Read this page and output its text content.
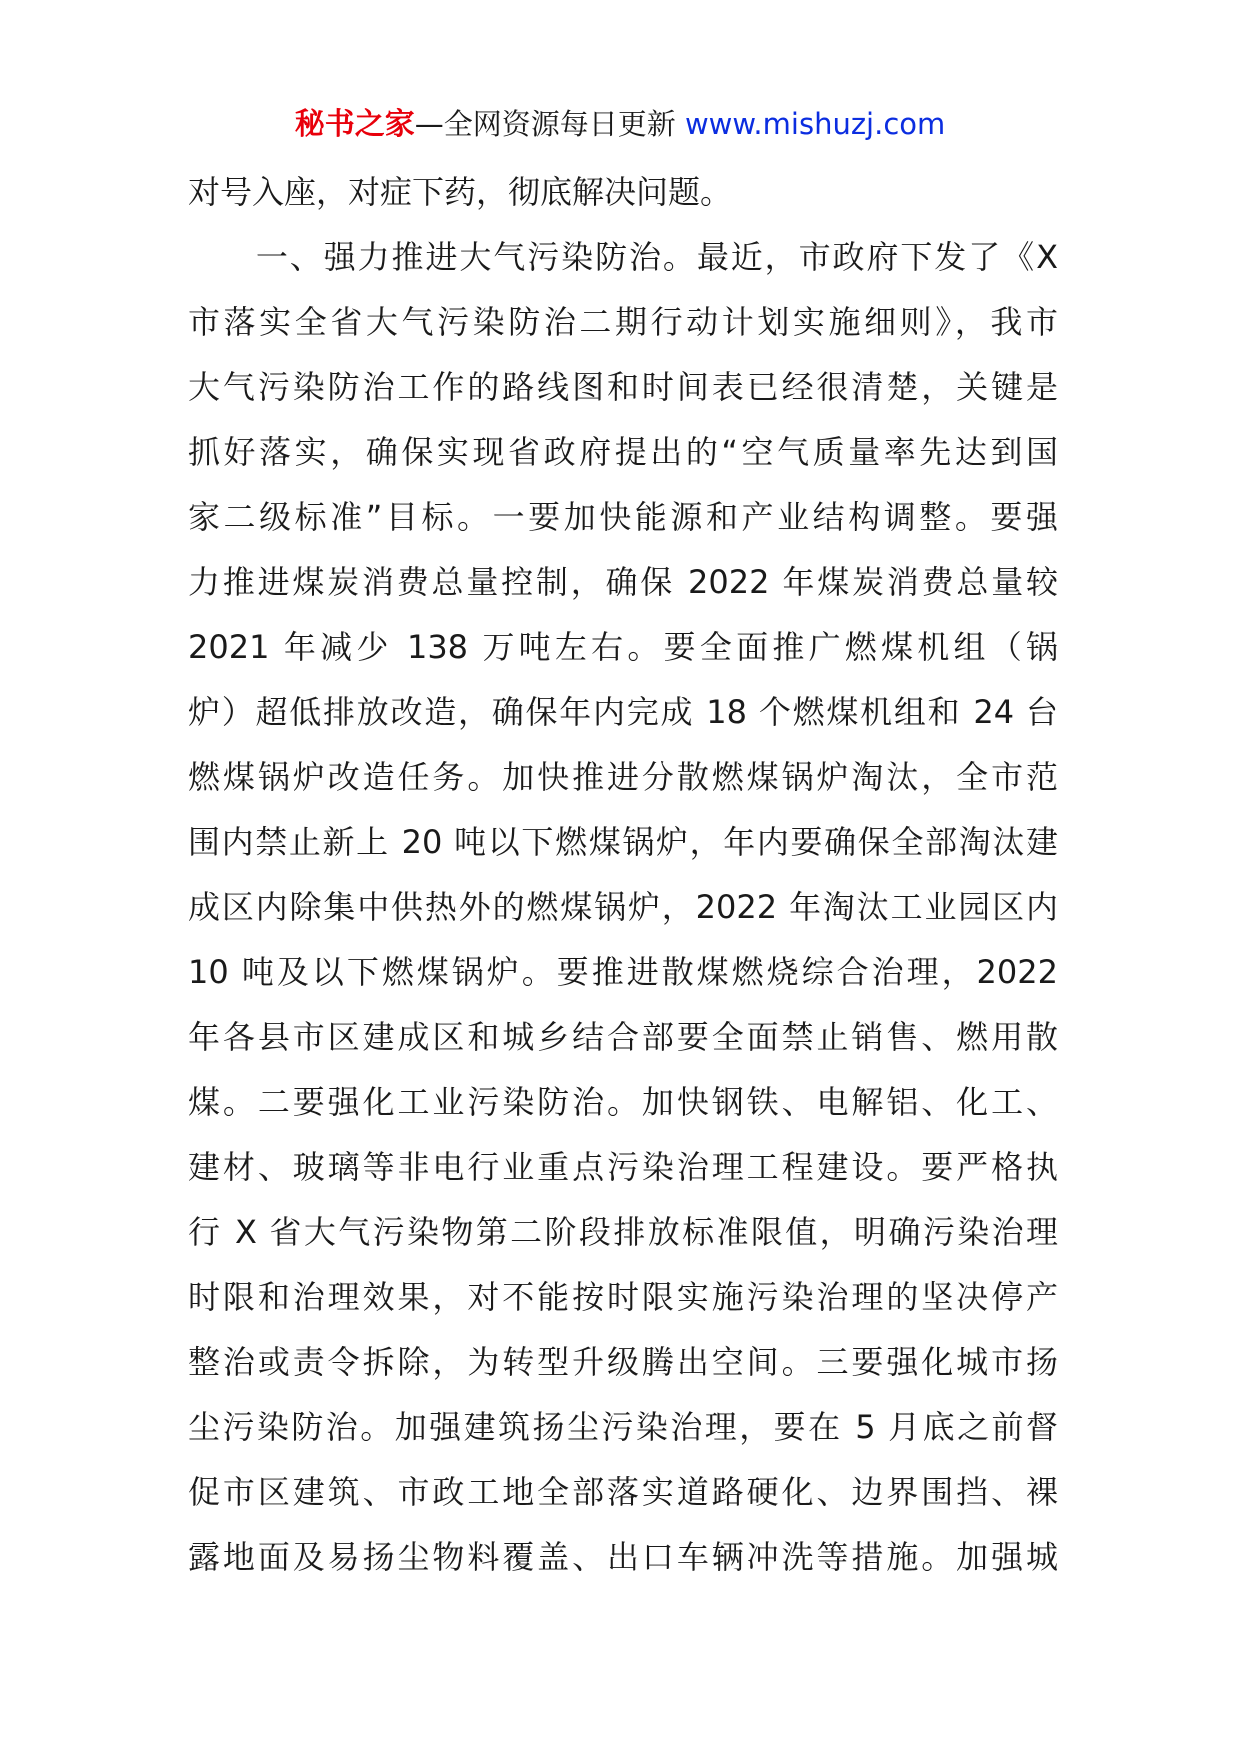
秘书之家—全网资源每日更新 www.mishuzj.com
对号入座，对症下药，彻底解决问题。
　　一、强力推进大气污染防治。最近，市政府下发了《X
市落实全省大气污染防治二期行动计划实施细则》，我市
大气污染防治工作的路线图和时间表已经很清楚，关键是
抓好落实，确保实现省政府提出的“空气质量率先达到国
家二级标准”目标。一要加快能源和产业结构调整。要强
力推进煤炭消费总量控制，确保 2022 年煤炭消费总量较
2021 年减少 138 万吨左右。要全面推广燃煤机组（锅
炉）超低排放改造，确保年内完成 18 个燃煤机组和 24 台
燃煤锅炉改造任务。加快推进分散燃煤锅炉淘汰，全市范
围内禁止新上 20 吨以下燃煤锅炉，年内要确保全部淘汰建
成区内除集中供热外的燃煤锅炉，2022 年淘汰工业园区内
10 吨及以下燃煤锅炉。要推进散煤燃烧综合治理，2022
年各县市区建成区和城乡结合部要全面禁止销售、燃用散
煤。二要强化工业污染防治。加快钢铁、电解铝、化工、
建材、玻璃等非电行业重点污染治理工程建设。要严格执
行 X 省大气污染物第二阶段排放标准限值，明确污染治理
时限和治理效果，对不能按时限实施污染治理的坚决停产
整治或责令拆除，为转型升级腾出空间。三要强化城市扬
尘污染防治。加强建筑扬尘污染治理，要在 5 月底之前督
促市区建筑、市政工地全部落实道路硬化、边界围挡、裸
露地面及易扬尘物料覆盖、出口车辆冲洗等措施。加强城
